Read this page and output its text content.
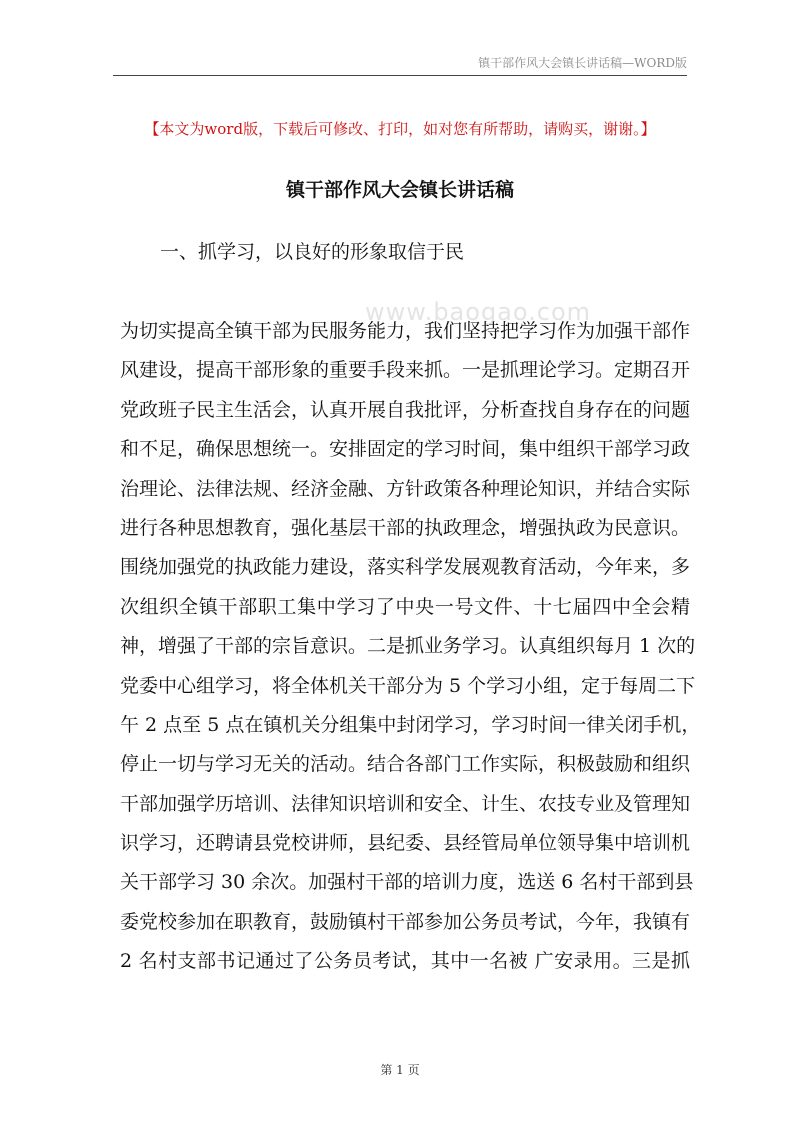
镇干部作风大会镇长讲话稿—WORD版
【本文为word版，下载后可修改、打印，如对您有所帮助，请购买，谢谢。】
镇干部作风大会镇长讲话稿
一、抓学习，以良好的形象取信于民
www.baogao.com
为切实提高全镇干部为民服务能力，我们坚持把学习作为加强干部作
风建设，提高干部形象的重要手段来抓。一是抓理论学习。定期召开
党政班子民主生活会，认真开展自我批评，分析查找自身存在的问题
和不足，确保思想统一。安排固定的学习时间，集中组织干部学习政
治理论、法律法规、经济金融、方针政策各种理论知识，并结合实际
进行各种思想教育，强化基层干部的执政理念，增强执政为民意识。
围绕加强党的执政能力建设，落实科学发展观教育活动，今年来，多
次组织全镇干部职工集中学习了中央一号文件、十七届四中全会精
神，增强了干部的宗旨意识。二是抓业务学习。认真组织每月 1 次的
党委中心组学习，将全体机关干部分为 5 个学习小组，定于每周二下
午 2 点至 5 点在镇机关分组集中封闭学习，学习时间一律关闭手机，
停止一切与学习无关的活动。结合各部门工作实际，积极鼓励和组织
干部加强学历培训、法律知识培训和安全、计生、农技专业及管理知
识学习，还聘请县党校讲师，县纪委、县经管局单位领导集中培训机
关干部学习 30 余次。加强村干部的培训力度，选送 6 名村干部到县
委党校参加在职教育，鼓励镇村干部参加公务员考试，今年，我镇有
2 名村支部书记通过了公务员考试，其中一名被 广安录用。三是抓
第 1 页
